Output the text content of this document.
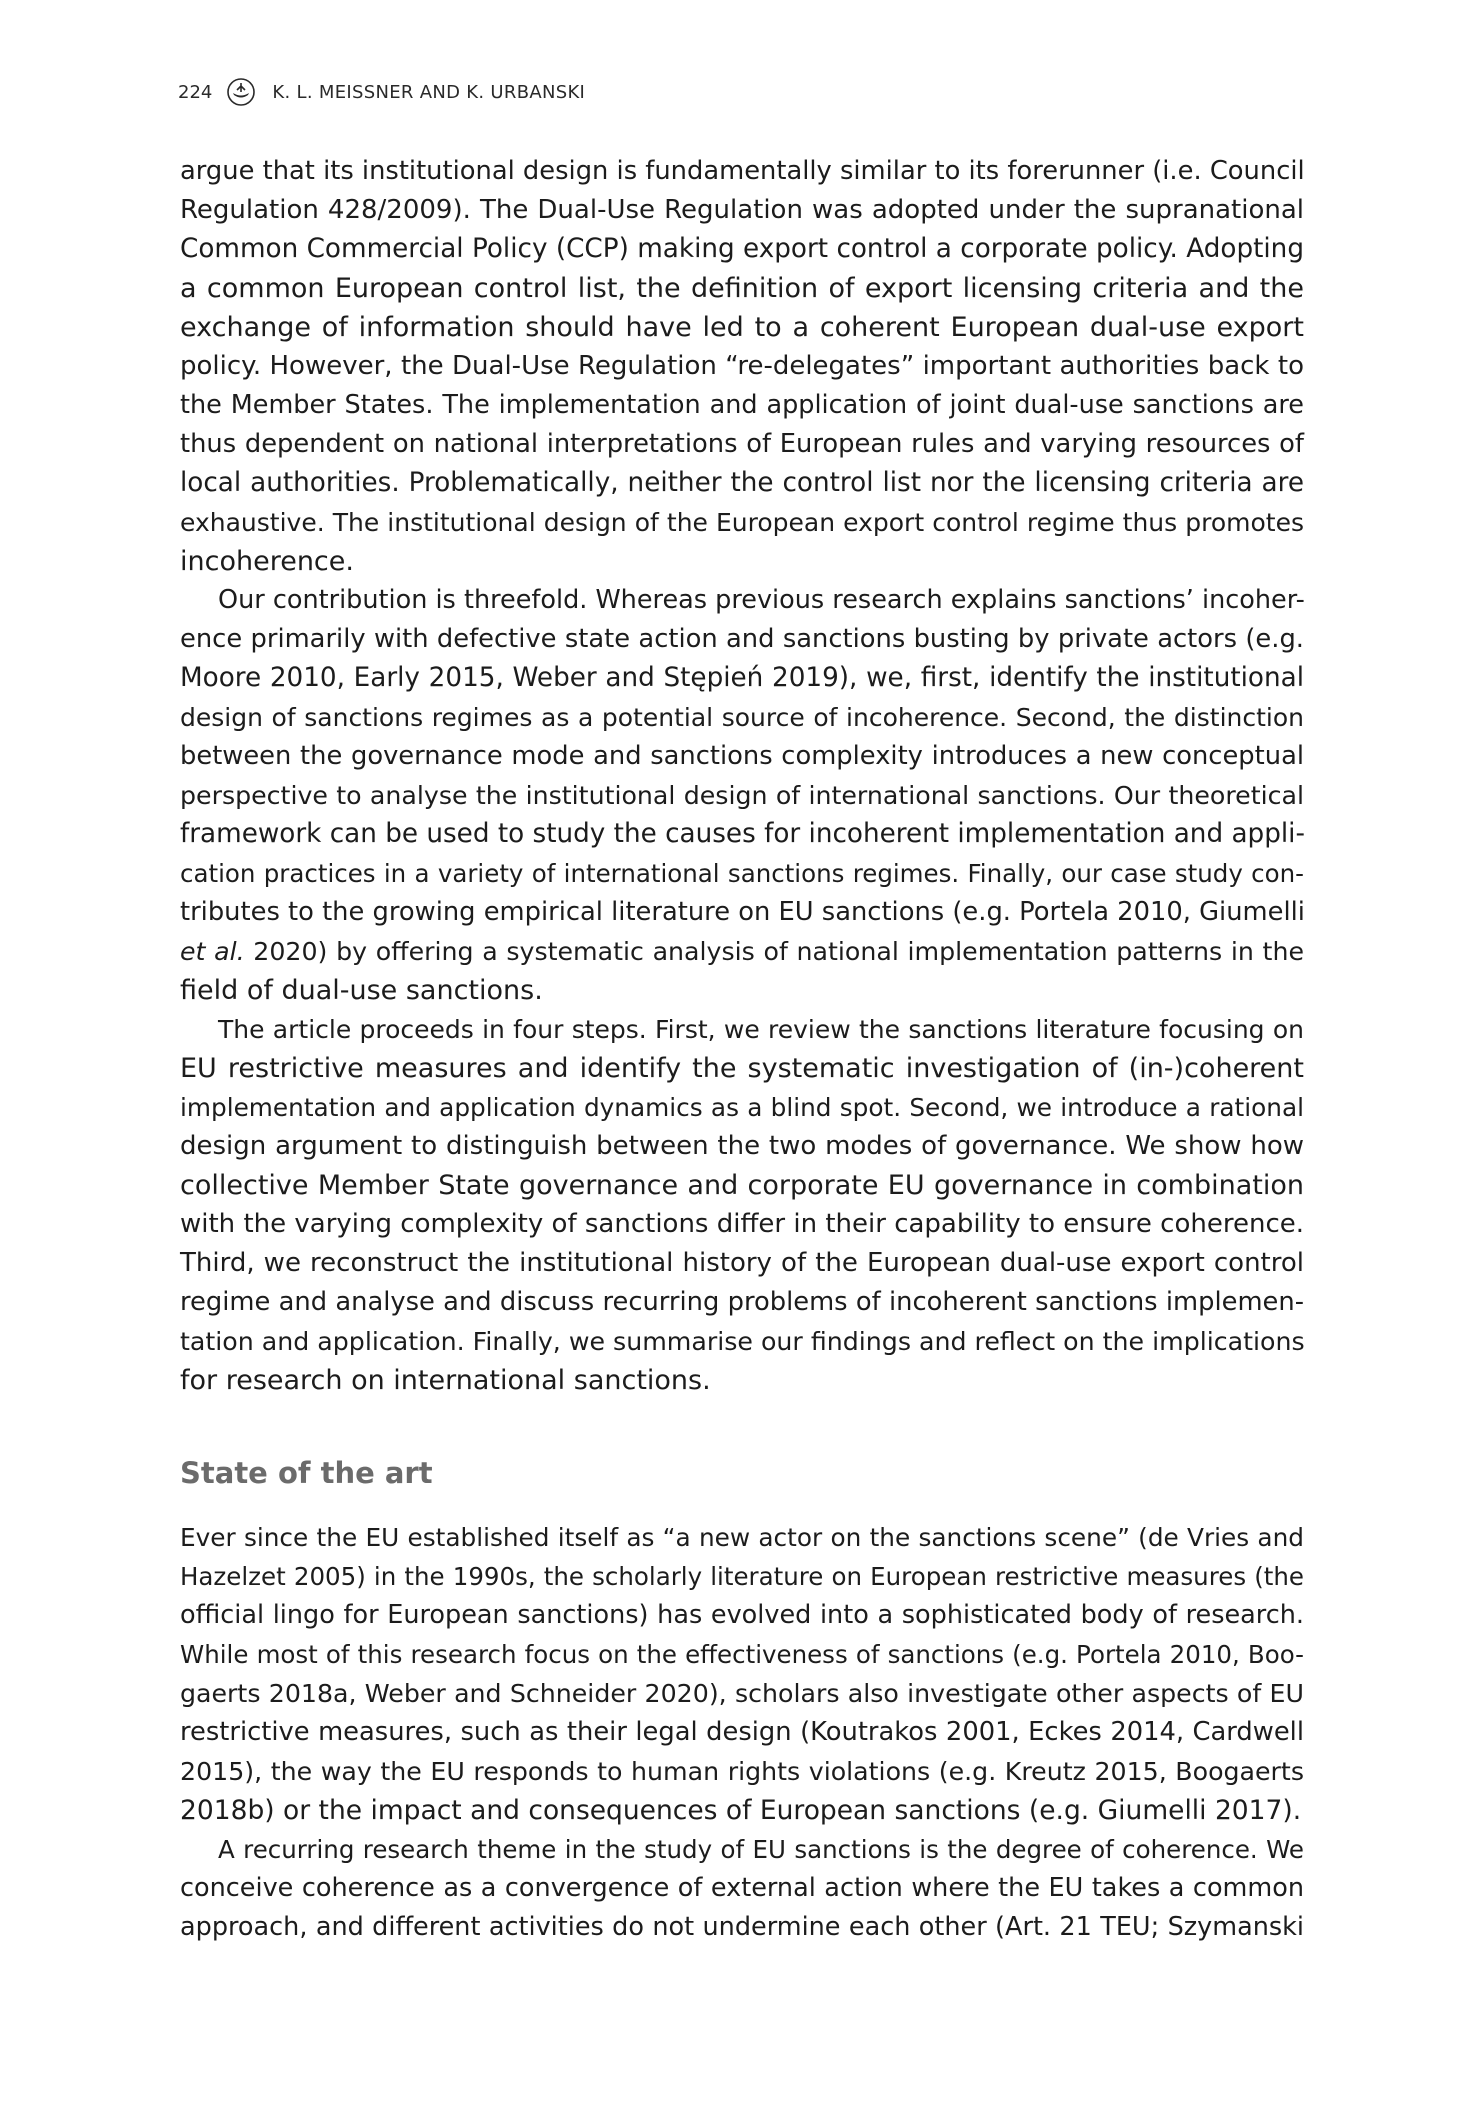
224	K. L. MEISSNER AND K. URBANSKI
argue that its institutional design is fundamentally similar to its forerunner (i.e. Council
Regulation 428/2009). The Dual-Use Regulation was adopted under the supranational
Common Commercial Policy (CCP) making export control a corporate policy. Adopting
a common European control list, the definition of export licensing criteria and the
exchange of information should have led to a coherent European dual-use export
policy. However, the Dual-Use Regulation “re-delegates” important authorities back to
the Member States. The implementation and application of joint dual-use sanctions are
thus dependent on national interpretations of European rules and varying resources of
local authorities. Problematically, neither the control list nor the licensing criteria are
exhaustive. The institutional design of the European export control regime thus promotes
incoherence.
Our contribution is threefold. Whereas previous research explains sanctions’ incoher-
ence primarily with defective state action and sanctions busting by private actors (e.g.
Moore 2010, Early 2015, Weber and Stępień 2019), we, first, identify the institutional
design of sanctions regimes as a potential source of incoherence. Second, the distinction
between the governance mode and sanctions complexity introduces a new conceptual
perspective to analyse the institutional design of international sanctions. Our theoretical
framework can be used to study the causes for incoherent implementation and appli-
cation practices in a variety of international sanctions regimes. Finally, our case study con-
tributes to the growing empirical literature on EU sanctions (e.g. Portela 2010, Giumelli
et al. 2020) by offering a systematic analysis of national implementation patterns in the
field of dual-use sanctions.
The article proceeds in four steps. First, we review the sanctions literature focusing on
EU restrictive measures and identify the systematic investigation of (in-)coherent
implementation and application dynamics as a blind spot. Second, we introduce a rational
design argument to distinguish between the two modes of governance. We show how
collective Member State governance and corporate EU governance in combination
with the varying complexity of sanctions differ in their capability to ensure coherence.
Third, we reconstruct the institutional history of the European dual-use export control
regime and analyse and discuss recurring problems of incoherent sanctions implemen-
tation and application. Finally, we summarise our findings and reflect on the implications
for research on international sanctions.
State of the art
Ever since the EU established itself as “a new actor on the sanctions scene” (de Vries and
Hazelzet 2005) in the 1990s, the scholarly literature on European restrictive measures (the
official lingo for European sanctions) has evolved into a sophisticated body of research.
While most of this research focus on the effectiveness of sanctions (e.g. Portela 2010, Boo-
gaerts 2018a, Weber and Schneider 2020), scholars also investigate other aspects of EU
restrictive measures, such as their legal design (Koutrakos 2001, Eckes 2014, Cardwell
2015), the way the EU responds to human rights violations (e.g. Kreutz 2015, Boogaerts
2018b) or the impact and consequences of European sanctions (e.g. Giumelli 2017).
A recurring research theme in the study of EU sanctions is the degree of coherence. We
conceive coherence as a convergence of external action where the EU takes a common
approach, and different activities do not undermine each other (Art. 21 TEU; Szymanski
